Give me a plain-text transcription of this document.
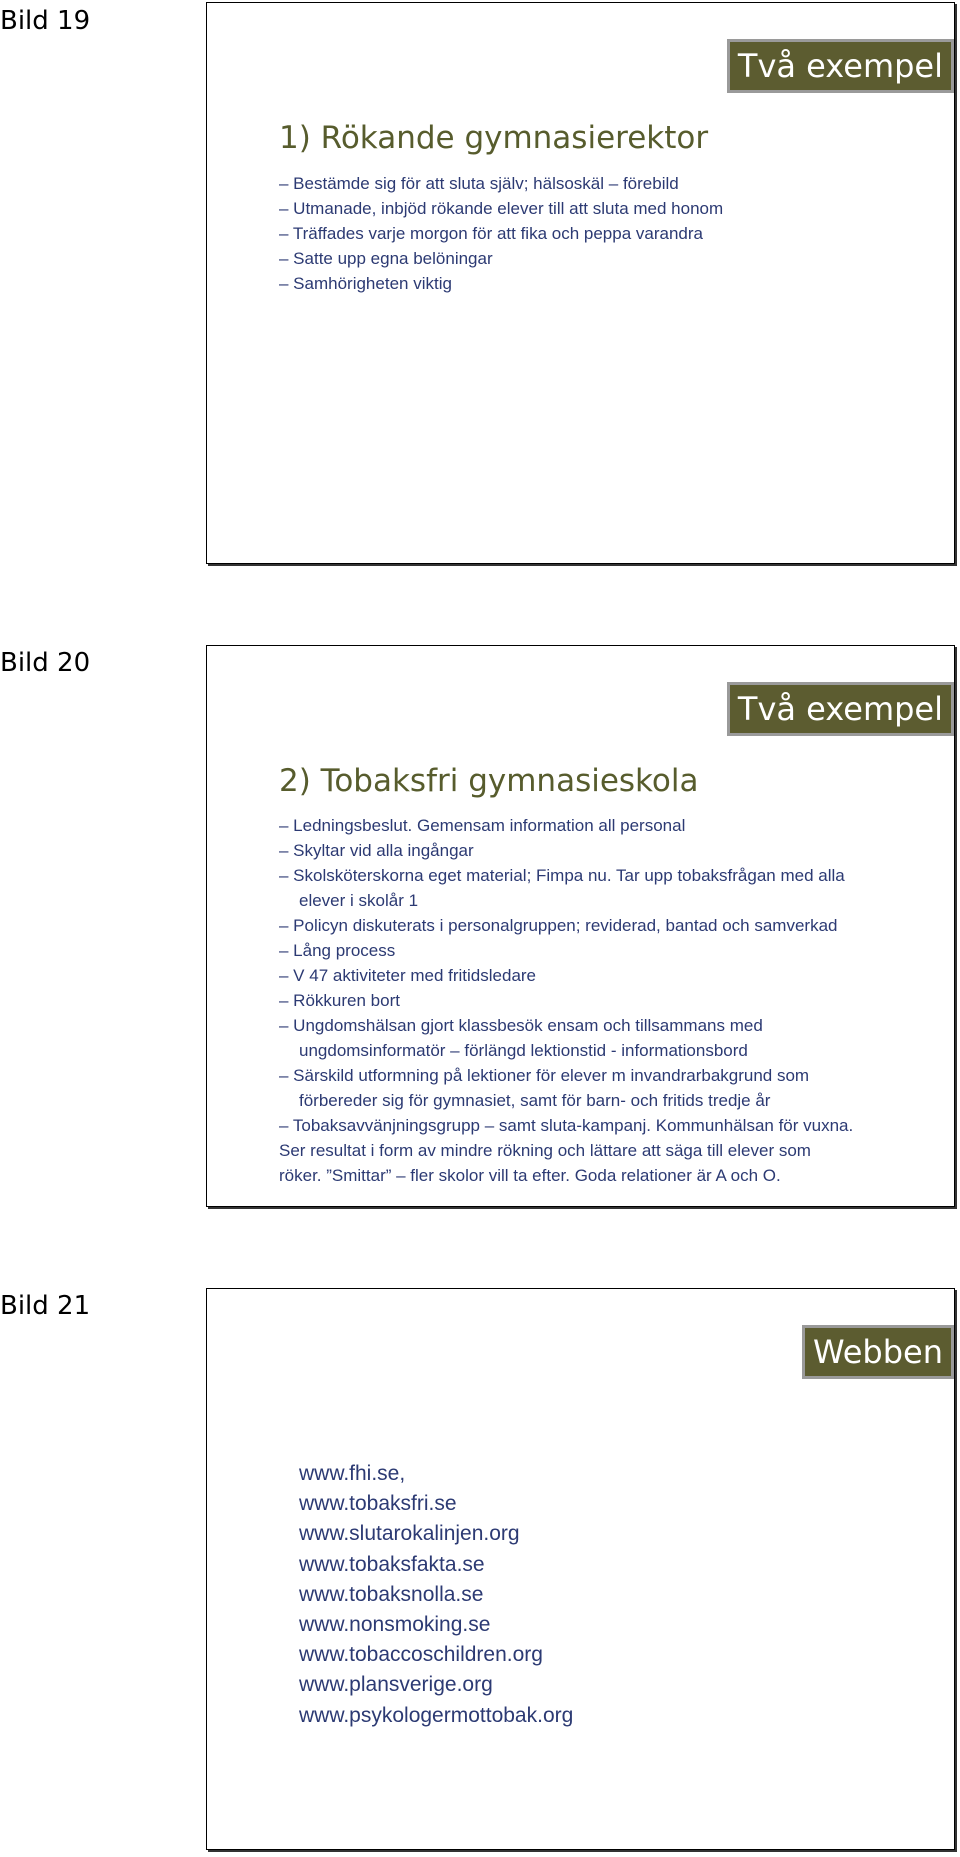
Bild 19
Två exempel
1) Rökande gymnasierektor
– Bestämde sig för att sluta själv; hälsoskäl – förebild
– Utmanade, inbjöd rökande elever till att sluta med honom
– Träffades varje morgon för att fika och peppa varandra
– Satte upp egna belöningar
– Samhörigheten viktig
Bild 20
Två exempel
2) Tobaksfri gymnasieskola
– Ledningsbeslut. Gemensam information all personal
– Skyltar vid alla ingångar
– Skolsköterskorna eget material; Fimpa nu. Tar upp tobaksfrågan med alla
elever i skolår 1
– Policyn diskuterats i personalgruppen; reviderad, bantad och samverkad
– Lång process
– V 47 aktiviteter med fritidsledare
– Rökkuren bort
– Ungdomshälsan gjort klassbesök ensam och tillsammans med
ungdomsinformatör – förlängd lektionstid - informationsbord
– Särskild utformning på lektioner för elever m invandrarbakgrund som
förbereder sig för gymnasiet, samt för barn- och fritids tredje år
– Tobaksavvänjningsgrupp – samt sluta-kampanj. Kommunhälsan för vuxna.
Ser resultat i form av mindre rökning och lättare att säga till elever som
röker. ”Smittar” – fler skolor vill ta efter. Goda relationer är A och O.
Bild 21
Webben
www.fhi.se,
www.tobaksfri.se
www.slutarokalinjen.org
www.tobaksfakta.se
www.tobaksnolla.se
www.nonsmoking.se
www.tobaccoschildren.org
www.plansverige.org
www.psykologermottobak.org
